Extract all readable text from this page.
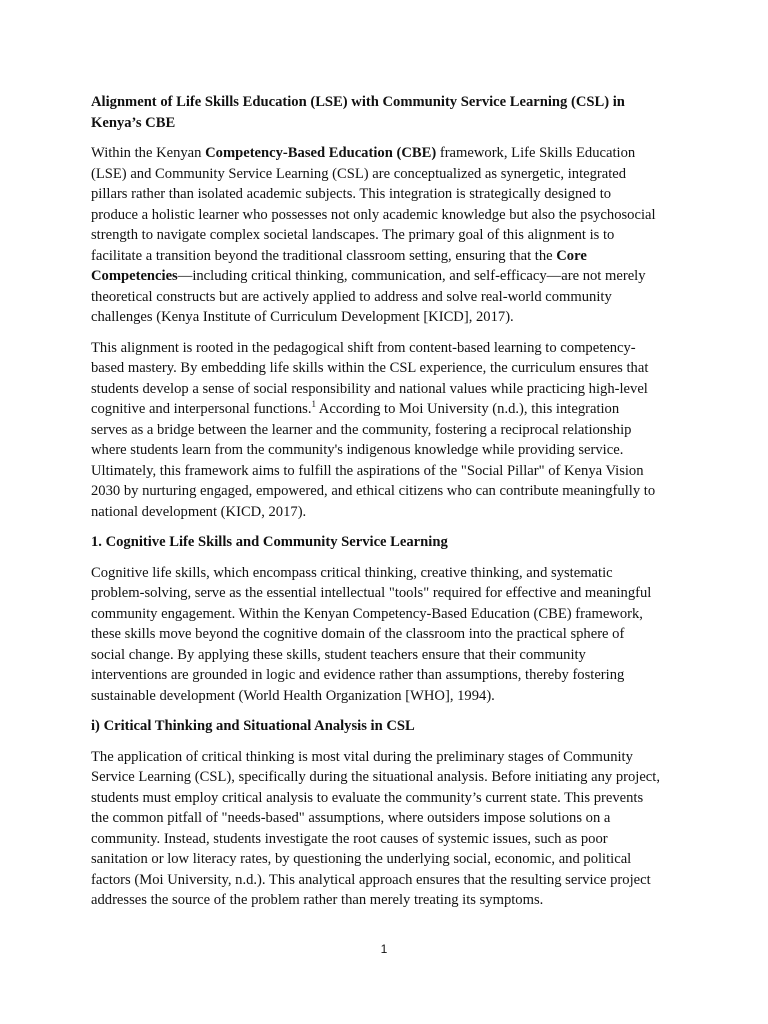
Alignment of Life Skills Education (LSE) with Community Service Learning (CSL) in
Kenya’s CBE
Within the Kenyan Competency-Based Education (CBE) framework, Life Skills Education
(LSE) and Community Service Learning (CSL) are conceptualized as synergetic, integrated
pillars rather than isolated academic subjects. This integration is strategically designed to
produce a holistic learner who possesses not only academic knowledge but also the psychosocial
strength to navigate complex societal landscapes. The primary goal of this alignment is to
facilitate a transition beyond the traditional classroom setting, ensuring that the Core
Competencies—including critical thinking, communication, and self-efficacy—are not merely
theoretical constructs but are actively applied to address and solve real-world community
challenges (Kenya Institute of Curriculum Development [KICD], 2017).
This alignment is rooted in the pedagogical shift from content-based learning to competency-
based mastery. By embedding life skills within the CSL experience, the curriculum ensures that
students develop a sense of social responsibility and national values while practicing high-level
cognitive and interpersonal functions.$^1$ According to Moi University (n.d.), this integration
serves as a bridge between the learner and the community, fostering a reciprocal relationship
where students learn from the community's indigenous knowledge while providing service.
Ultimately, this framework aims to fulfill the aspirations of the "Social Pillar" of Kenya Vision
2030 by nurturing engaged, empowered, and ethical citizens who can contribute meaningfully to
national development (KICD, 2017).
1. Cognitive Life Skills and Community Service Learning
Cognitive life skills, which encompass critical thinking, creative thinking, and systematic
problem-solving, serve as the essential intellectual "tools" required for effective and meaningful
community engagement. Within the Kenyan Competency-Based Education (CBE) framework,
these skills move beyond the cognitive domain of the classroom into the practical sphere of
social change. By applying these skills, student teachers ensure that their community
interventions are grounded in logic and evidence rather than assumptions, thereby fostering
sustainable development (World Health Organization [WHO], 1994).
i) Critical Thinking and Situational Analysis in CSL
The application of critical thinking is most vital during the preliminary stages of Community
Service Learning (CSL), specifically during the situational analysis. Before initiating any project,
students must employ critical analysis to evaluate the community’s current state. This prevents
the common pitfall of "needs-based" assumptions, where outsiders impose solutions on a
community. Instead, students investigate the root causes of systemic issues, such as poor
sanitation or low literacy rates, by questioning the underlying social, economic, and political
factors (Moi University, n.d.). This analytical approach ensures that the resulting service project
addresses the source of the problem rather than merely treating its symptoms.
1
